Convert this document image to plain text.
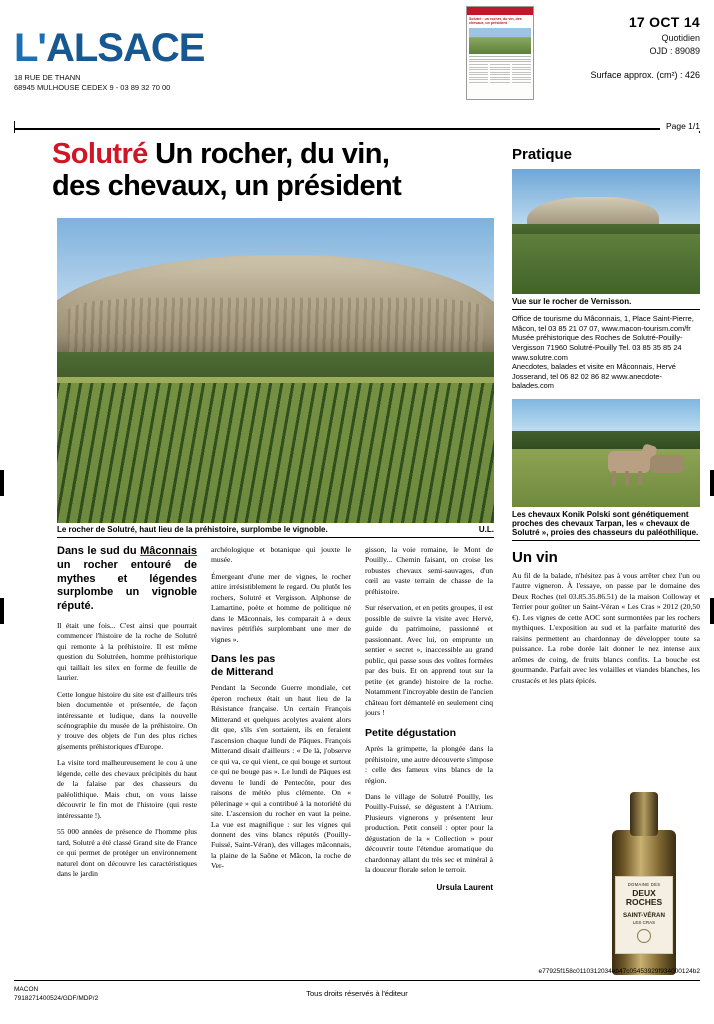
L'ALSACE
18 RUE DE THANN
68945 MULHOUSE CEDEX 9 - 03 89 32 70 00
Solutré : un rocher, du vin, des chevaux, un président	17 OCT 14
Quotidien
OJD : 89089
Surface approx. (cm²) : 426
Page 1/1
Solutré Un rocher, du vin,
des chevaux, un président
Le rocher de Solutré, haut lieu de la préhistoire, surplombe le vignoble.	U.L.
Dans le sud du Mâconnais un rocher entouré de mythes et légendes surplombe un vignoble réputé.

Il était une fois... C'est ainsi que pourrait commencer l'histoire de la roche de Solutré qui remonte à la préhistoire. Il est même question du Solutréen, homme préhistorique qui taillait les silex en forme de feuille de laurier.

Cette longue histoire du site est d'ailleurs très bien documentée et présentée, de façon intéressante et ludique, dans la nouvelle scénographie du musée de la préhistoire. On y trouve des objets de l'un des plus riches gisements préhistoriques d'Europe.

La visite tord malheureusement le cou à une légende, celle des chevaux précipités du haut de la falaise par des chasseurs du paléolithique. Mais chut, on vous laisse découvrir le fin mot de l'histoire (qui reste intéressante !).

55 000 années de présence de l'homme plus tard, Solutré a été classé Grand site de France ce qui permet de protéger un environnement naturel dont on découvre les caractéristiques dans le jardin

archéologique et botanique qui jouxte le musée.

Émergeant d'une mer de vignes, le rocher attire irrésistiblement le regard. Ou plutôt les rochers, Solutré et Vergisson. Alphonse de Lamartine, poète et homme de politique né dans le Mâconnais, les comparait à « deux navires pétrifiés surplombant une mer de vignes ».

Dans les pas
de Mitterand

Pendant la Seconde Guerre mondiale, cet éperon rocheux était un haut lieu de la Résistance française. Un certain François Mitterand et quelques acolytes avaient alors dit que, s'ils s'en sortaient, ils en feraient l'ascension chaque lundi de Pâques. François Mitterand disait d'ailleurs : « De là, j'observe ce qui va, ce qui vient, ce qui bouge et surtout ce qui ne bouge pas ». Le lundi de Pâques est devenu le lundi de Pentecôte, pour des raisons de météo plus clémente. On « pèlerinage » qui a contribué à la notoriété du site. L'ascension du rocher en vaut la peine. La vue est magnifique : sur les vignes qui donnent des vins blancs réputés (Pouilly-Fuissé, Saint-Véran), des villages mâconnais, la plaine de la Saône et Mâcon, la roche de Ver-

gisson, la voie romaine, le Mont de Pouilly... Chemin faisant, on croise les robustes chevaux semi-sauvages, d'un cœil au vaste terrain de chasse de la préhistoire.

Sur réservation, et en petits groupes, il est possible de suivre la visite avec Hervé, guide du patrimoine, passionné et passionnant. Avec lui, on emprunte un sentier « secret », inaccessible au grand public, qui passe sous des voûtes formées par des buis. Et on apprend tout sur la petite (et grande) histoire de la roche. Notamment l'incroyable destin de l'ancien château fort démantelé en seulement cinq jours !

Petite dégustation

Après la grimpette, la plongée dans la préhistoire, une autre découverte s'impose : celle des fameux vins blancs de la région.

Dans le village de Solutré Pouilly, les Pouilly-Fuissé, se dégustent à l'Atrium. Plusieurs vignerons y présentent leur production. Petit conseil : opter pour la dégustation de la « Collection » pour découvrir toute l'étendue aromatique du chardonnay allant du très sec et minéral à la douceur florale selon le terroir.

Ursula Laurent
Pratique
Vue sur le rocher de Vernisson.
Office de tourisme du Mâconnais, 1, Place Saint-Pierre, Mâcon, tel 03 85 21 07 07, www.macon-tourism.com/fr
Musée préhistorique des Roches de Solutré-Pouilly-Vergisson 71960 Solutré-Pouilly Tel. 03 85 35 85 24 www.solutre.com
Anecdotes, balades et visite en Mâconnais, Hervé Josserand, tel 06 82 02 86 82 www.anecdote-balades.com
Les chevaux Konik Polski sont génétiquement proches des chevaux Tarpan, les « chevaux de Solutré », proies des chasseurs du paléothilique.
Un vin
Au fil de la balade, n'hésitez pas à vous arrêter chez l'un ou l'autre vigneron. À l'essaye, on passe par le domaine des Deux Roches (tel 03.85.35.86.51) de la maison Colloway et Terrier pour goûter un Saint-Véran « Les Cras » 2012 (20,50 €). Les vignes de cette AOC sont surmontées par les rochers mythiques. L'exposition au sud et la parfaite maturité des raisins permettent au chardonnay de développer toute sa puissance. La robe dorée lait donner le nez intense aux arômes de coing, de fruits blancs confits. La bouche est gourmande. Parfait avec les volailles et viandes blanches, les crustacés et les plats épicés.
DOMAINE DES
DEUX ROCHES
SAINT-VÉRAN
LES CRAS
e77925f158c0110312034eb47c05453929f934000124b2
MACON
7918271400524/GDF/MDP/2
Tous droits réservés à l'éditeur
